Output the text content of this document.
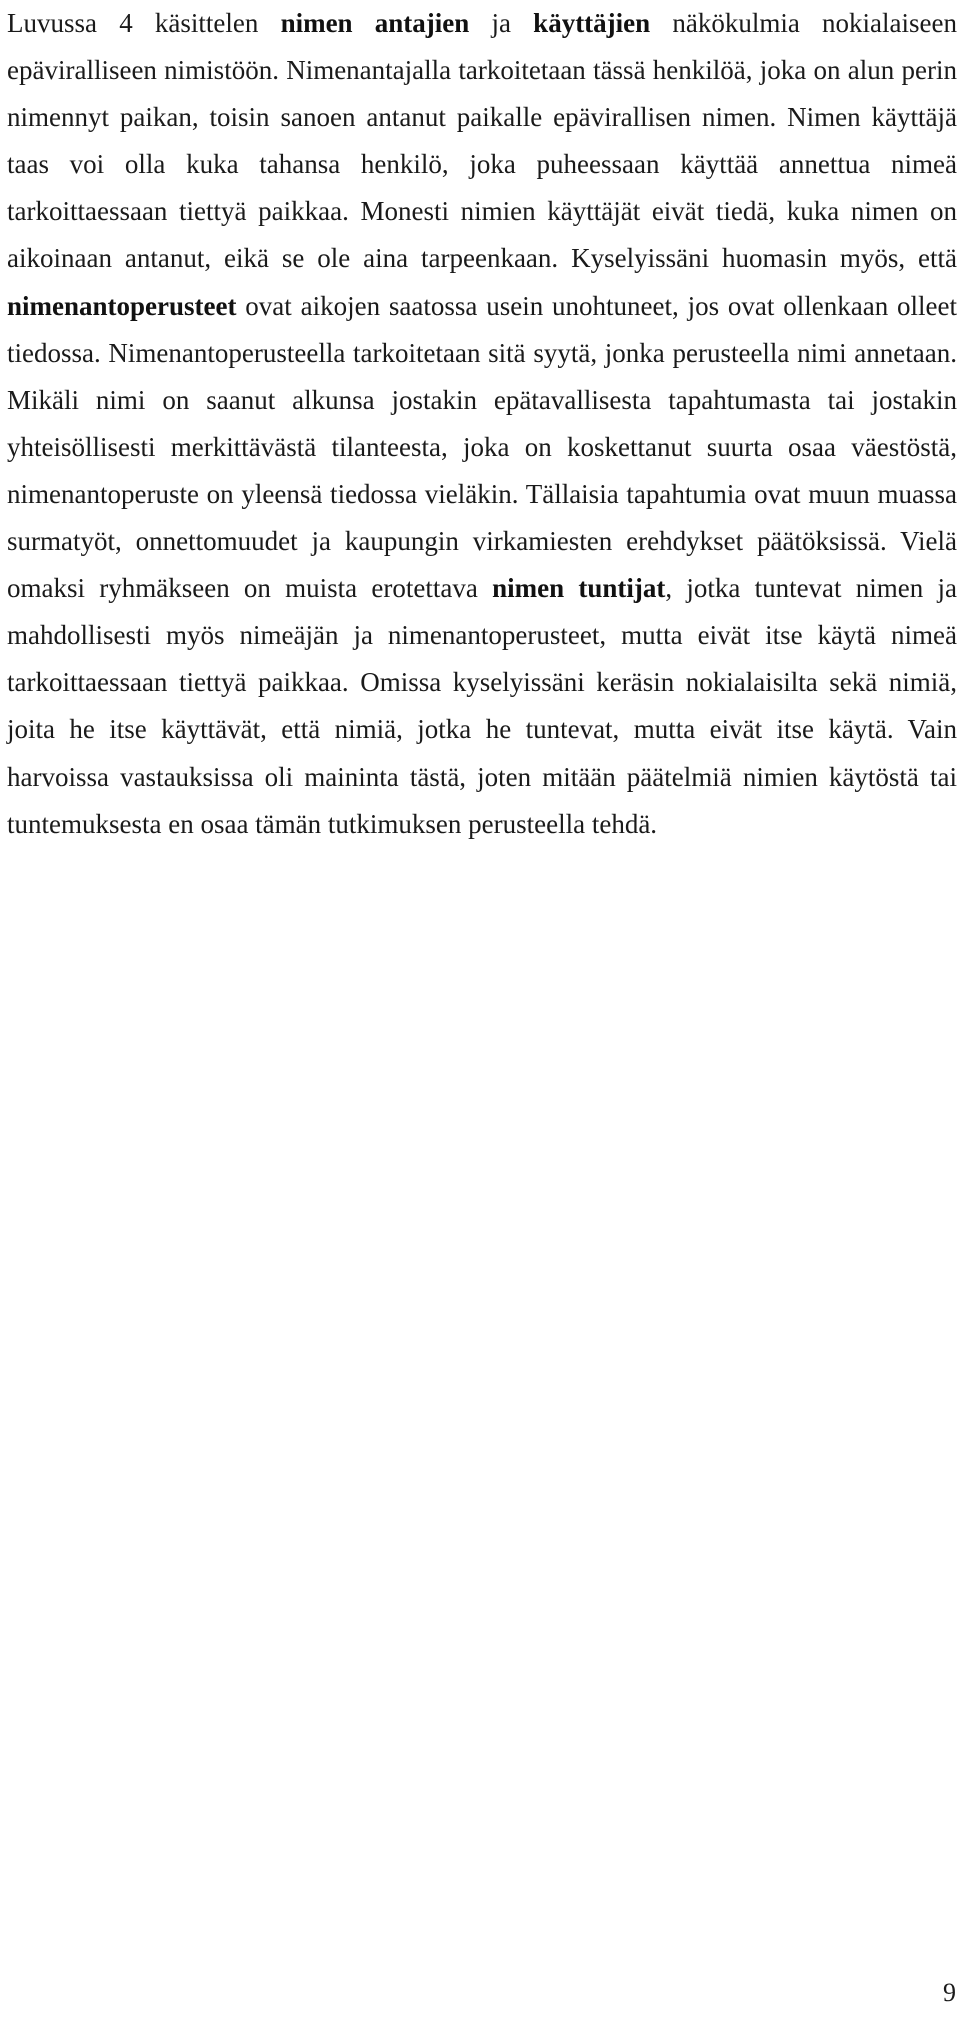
Luvussa 4 käsittelen nimen antajien ja käyttäjien näkökulmia nokialaiseen epäviralliseen nimistöön. Nimenantajalla tarkoitetaan tässä henkilöä, joka on alun perin nimennyt paikan, toisin sanoen antanut paikalle epävirallisen nimen. Nimen käyttäjä taas voi olla kuka tahansa henkilö, joka puheessaan käyttää annettua nimeä tarkoittaessaan tiettyä paikkaa. Monesti nimien käyttäjät eivät tiedä, kuka nimen on aikoinaan antanut, eikä se ole aina tarpeenkaan. Kyselyissäni huomasin myös, että nimenantoperusteet ovat aikojen saatossa usein unohtuneet, jos ovat ollenkaan olleet tiedossa. Nimenantoperusteella tarkoitetaan sitä syytä, jonka perusteella nimi annetaan. Mikäli nimi on saanut alkunsa jostakin epätavallisesta tapahtumasta tai jostakin yhteisöllisesti merkittävästä tilanteesta, joka on koskettanut suurta osaa väestöstä, nimenantoperuste on yleensä tiedossa vieläkin. Tällaisia tapahtumia ovat muun muassa surmatyöt, onnettomuudet ja kaupungin virkamiesten erehdykset päätöksissä. Vielä omaksi ryhmäkseen on muista erotettava nimen tuntijat, jotka tuntevat nimen ja mahdollisesti myös nimeäjän ja nimenantoperusteet, mutta eivät itse käytä nimeä tarkoittaessaan tiettyä paikkaa. Omissa kyselyissäni keräsin nokialaisilta sekä nimiä, joita he itse käyttävät, että nimiä, jotka he tuntevat, mutta eivät itse käytä. Vain harvoissa vastauksissa oli maininta tästä, joten mitään päätelmiä nimien käytöstä tai tuntemuksesta en osaa tämän tutkimuksen perusteella tehdä.

9
